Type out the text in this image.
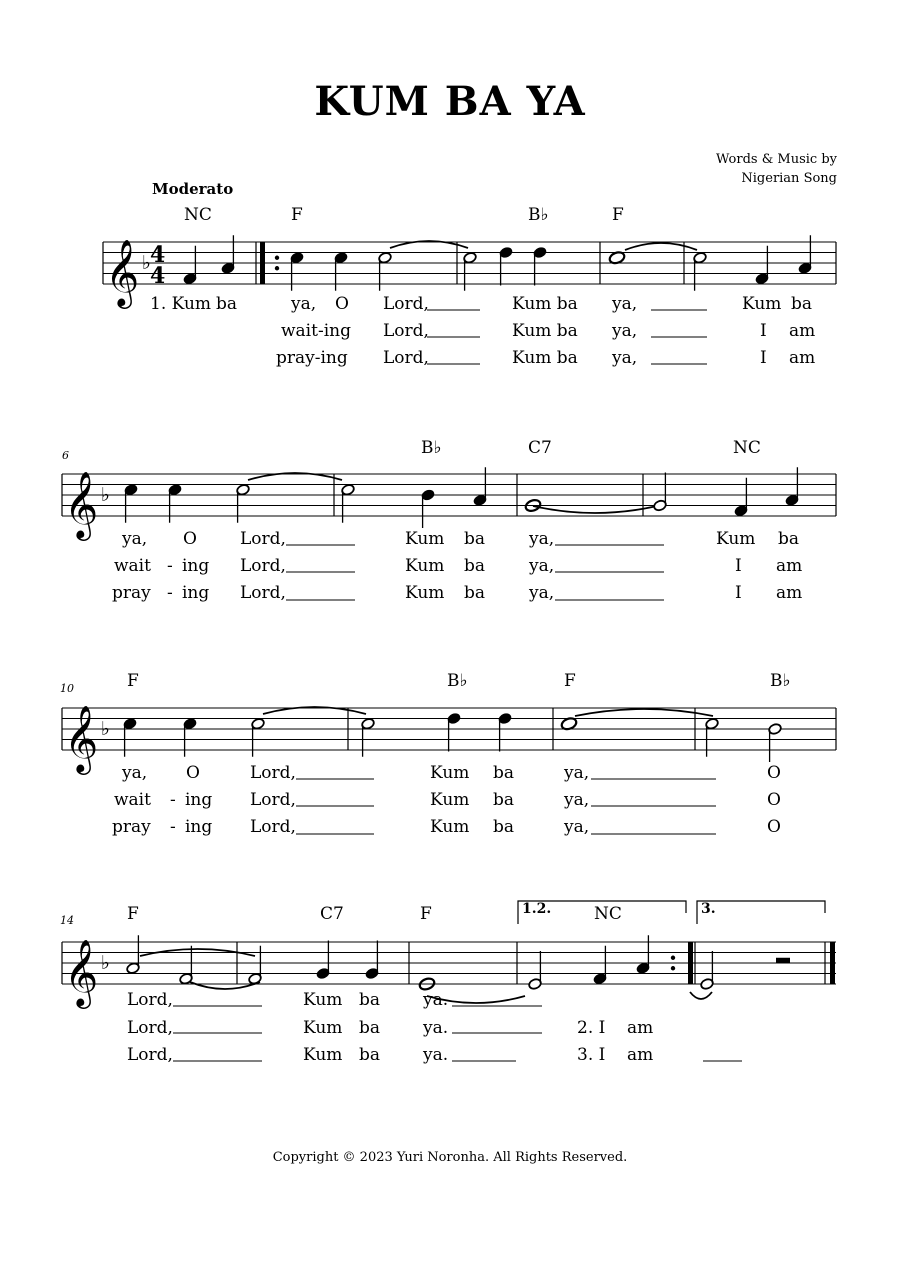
KUM BA YA
Words & Music by
Nigerian Song
Moderato
𝄞 ♭ 4
4
𝄞 ♭
𝄞 ♭
𝄞 ♭
NC	F	B♭	F
1. Kum ba	ya, O Lord,	Kum ba ya,	Kum ba
wait-ing Lord,	Kum ba ya,	I am
pray-ing Lord,	Kum ba ya,	I am
6	B♭	C7	NC
ya, O	Lord,	Kum ba	ya,	Kum ba
wait - ing Lord,	Kum ba	ya,	I am
pray - ing Lord,	Kum ba	ya,	I am
10	F	B♭	F	B♭
ya, O	Lord,	Kum ba	ya,	O
wait - ing Lord,	Kum ba	ya,	O
pray - ing Lord,	Kum ba	ya,	O
14	F	C7	F	NC
1.2.	3.
Lord,	Kum ba	ya.
Lord,	Kum ba	ya.	2. I am
Lord,	Kum ba	ya.	3. I am
Copyright © 2023 Yuri Noronha. All Rights Reserved.
